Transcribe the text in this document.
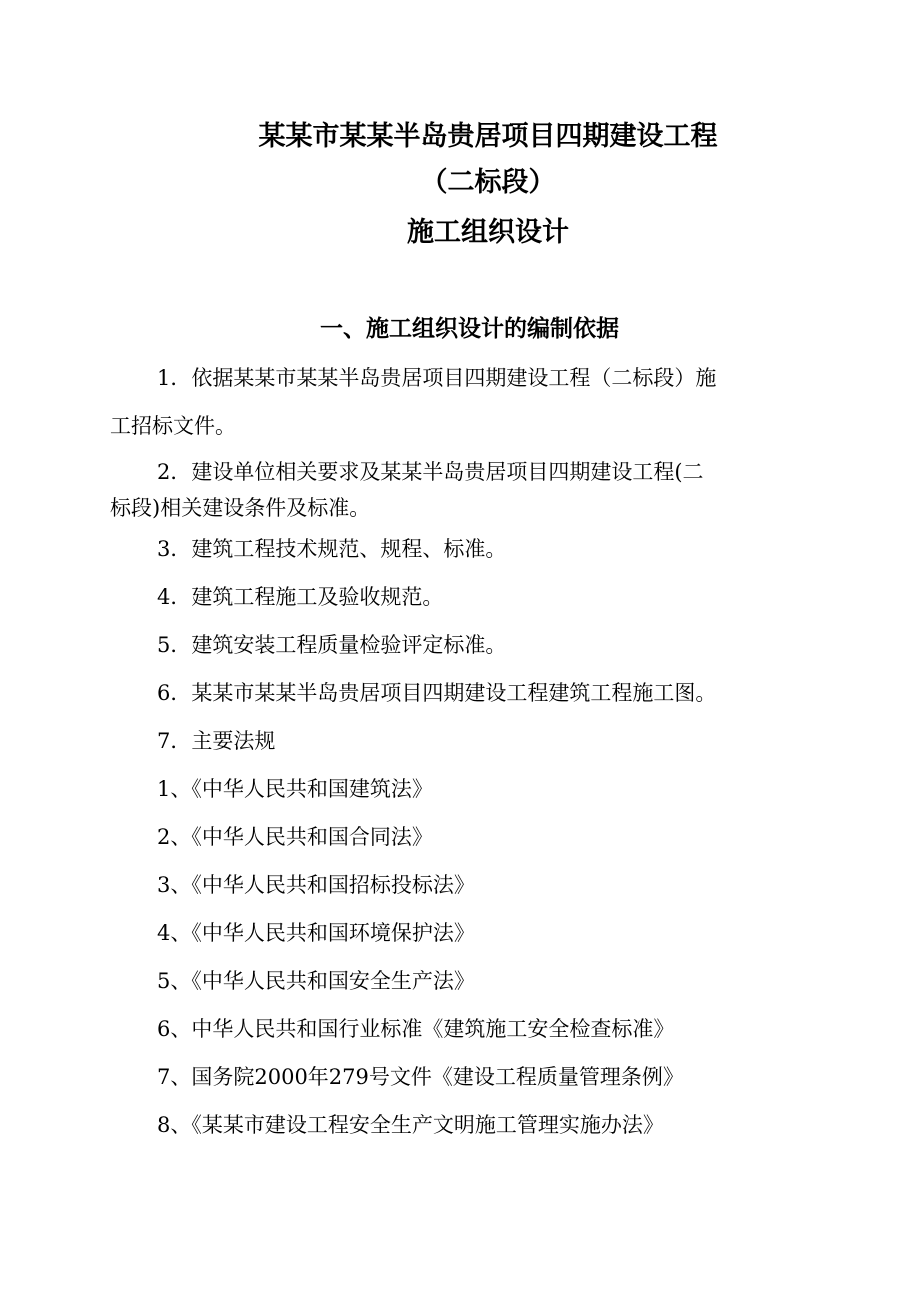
某某市某某半岛贵居项目四期建设工程
（二标段）
施工组织设计
一、施工组织设计的编制依据
1．依据某某市某某半岛贵居项目四期建设工程（二标段）施
工招标文件。
2．建设单位相关要求及某某半岛贵居项目四期建设工程(二
标段)相关建设条件及标准。
3．建筑工程技术规范、规程、标准。
4．建筑工程施工及验收规范。
5．建筑安装工程质量检验评定标准。
6．某某市某某半岛贵居项目四期建设工程建筑工程施工图。
7．主要法规
1、《中华人民共和国建筑法》
2、《中华人民共和国合同法》
3、《中华人民共和国招标投标法》
4、《中华人民共和国环境保护法》
5、《中华人民共和国安全生产法》
6、中华人民共和国行业标准《建筑施工安全检查标准》
7、国务院2000年279号文件《建设工程质量管理条例》
8、《某某市建设工程安全生产文明施工管理实施办法》
